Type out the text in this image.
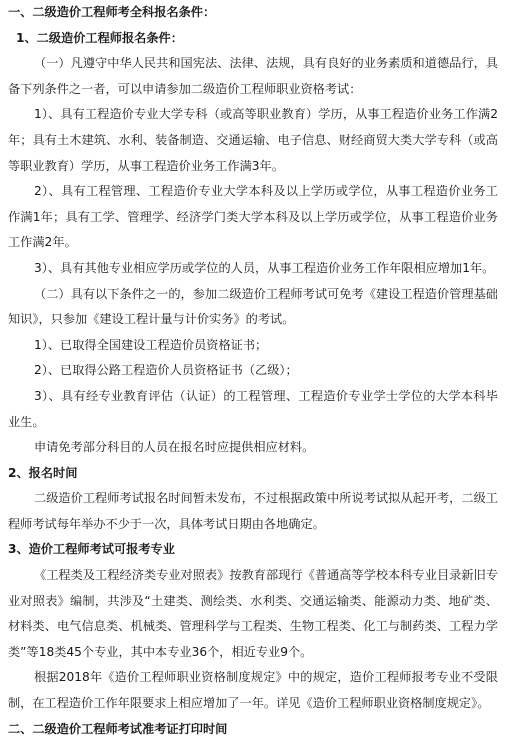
一、二级造价工程师考全科报名条件：
1、二级造价工程师报名条件：
（一）凡遵守中华人民共和国宪法、法律、法规，具有良好的业务素质和道德品行，具备下列条件之一者，可以申请参加二级造价工程师职业资格考试：
1）、具有工程造价专业大学专科（或高等职业教育）学历，从事工程造价业务工作满2年；具有土木建筑、水利、装备制造、交通运输、电子信息、财经商贸大类大学专科（或高等职业教育）学历，从事工程造价业务工作满3年。
2）、具有工程管理、工程造价专业大学本科及以上学历或学位，从事工程造价业务工作满1年；具有工学、管理学、经济学门类大学本科及以上学历或学位，从事工程造价业务工作满2年。
3）、具有其他专业相应学历或学位的人员，从事工程造价业务工作年限相应增加1年。
（二）具有以下条件之一的，参加二级造价工程师考试可免考《建设工程造价管理基础知识》，只参加《建设工程计量与计价实务》的考试。
1）、已取得全国建设工程造价员资格证书；
2）、已取得公路工程造价人员资格证书（乙级）；
3）、具有经专业教育评估（认证）的工程管理、工程造价专业学士学位的大学本科毕业生。
申请免考部分科目的人员在报名时应提供相应材料。
2、报名时间
二级造价工程师考试报名时间暂未发布，不过根据政策中所说考试拟从起开考，二级工程师考试每年举办不少于一次，具体考试日期由各地确定。
3、造价工程师考试可报考专业
《工程类及工程经济类专业对照表》按教育部现行《普通高等学校本科专业目录新旧专业对照表》编制，共涉及“土建类、测绘类、水利类、交通运输类、能源动力类、地矿类、材料类、电气信息类、机械类、管理科学与工程类、生物工程类、化工与制药类、工程力学类”等18类45个专业，其中本专业36个，相近专业9个。
根据2018年《造价工程师职业资格制度规定》中的规定，造价工程师报考专业不受限制，在工程造价工作年限要求上相应增加了一年。详见《造价工程师职业资格制度规定》。
二、二级造价工程师考试准考证打印时间
